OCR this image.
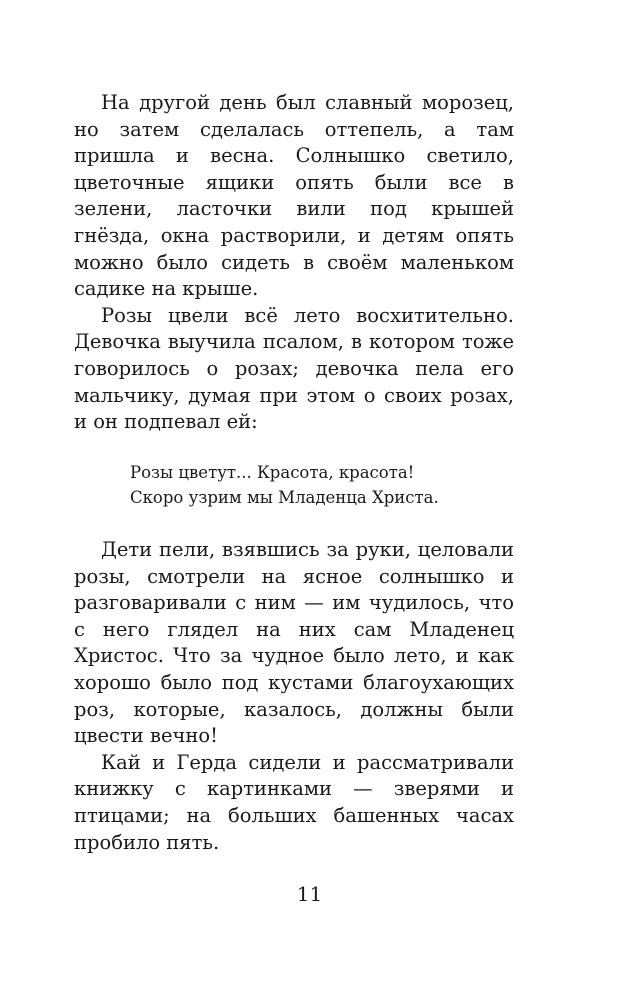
На другой день был славный морозец, но затем сделалась оттепель, а там пришла и весна. Солнышко светило, цветочные ящики опять были все в зелени, ласточки вили под крышей гнёзда, окна растворили, и детям опять можно было сидеть в своём маленьком садике на крыше.

Розы цвели всё лето восхитительно. Девочка выучила псалом, в котором тоже говорилось о розах; девочка пела его мальчику, думая при этом о своих розах, и он подпевал ей:

Розы цветут... Красота, красота!
Скоро узрим мы Младенца Христа.

Дети пели, взявшись за руки, целовали розы, смотрели на ясное солнышко и разговаривали с ним — им чудилось, что с него глядел на них сам Младенец Христос. Что за чудное было лето, и как хорошо было под кустами благоухающих роз, которые, казалось, должны были цвести вечно!

Кай и Герда сидели и рассматривали книжку с картинками — зверями и птицами; на больших башенных часах пробило пять.

11
